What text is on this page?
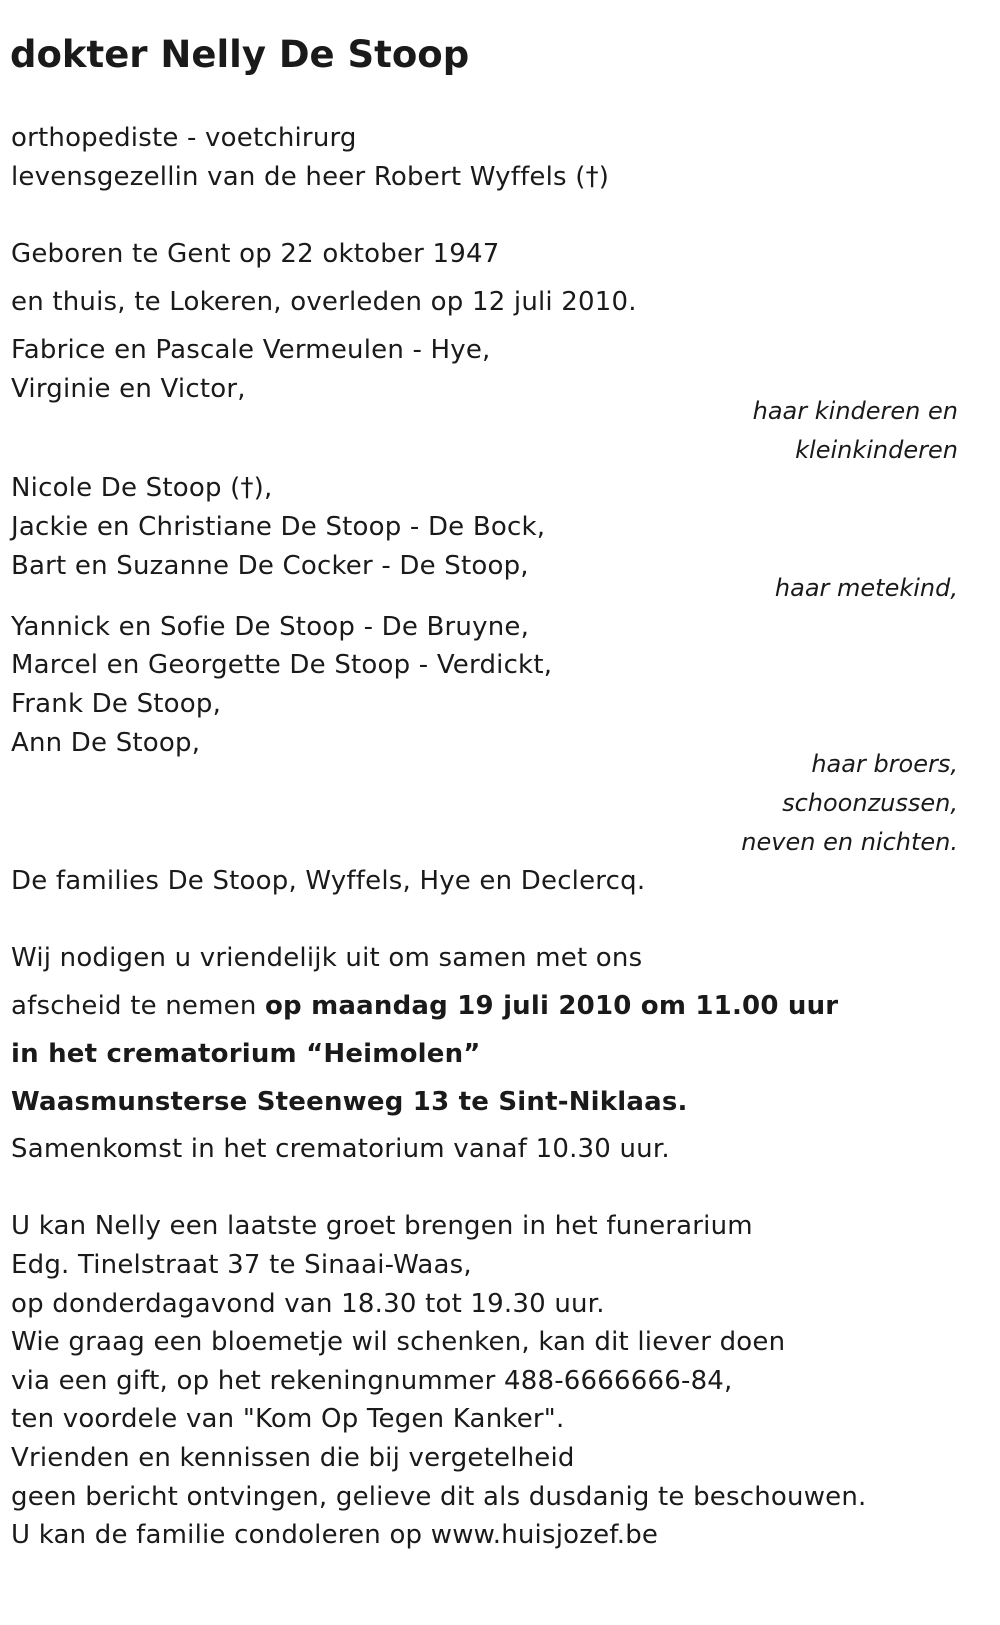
dokter Nelly De Stoop
orthopediste - voetchirurg
levensgezellin van de heer Robert Wyffels (†)
Geboren te Gent op 22 oktober 1947
en thuis, te Lokeren, overleden op 12 juli 2010.
Fabrice en Pascale Vermeulen - Hye,
Virginie en Victor,
haar kinderen en
kleinkinderen
Nicole De Stoop (†),
Jackie en Christiane De Stoop - De Bock,
Bart en Suzanne De Cocker - De Stoop,
haar metekind,
Yannick en Sofie De Stoop - De Bruyne,
Marcel en Georgette De Stoop - Verdickt,
Frank De Stoop,
Ann De Stoop,
haar broers,
schoonzussen,
neven en nichten.
De families De Stoop, Wyffels, Hye en Declercq.
Wij nodigen u vriendelijk uit om samen met ons
afscheid te nemen op maandag 19 juli 2010 om 11.00 uur
in het crematorium “Heimolen”
Waasmunsterse Steenweg 13 te Sint-Niklaas.
Samenkomst in het crematorium vanaf 10.30 uur.
U kan Nelly een laatste groet brengen in het funerarium
Edg. Tinelstraat 37 te Sinaai-Waas,
op donderdagavond van 18.30 tot 19.30 uur.
Wie graag een bloemetje wil schenken, kan dit liever doen
via een gift, op het rekeningnummer 488-6666666-84,
ten voordele van "Kom Op Tegen Kanker".
Vrienden en kennissen die bij vergetelheid
geen bericht ontvingen, gelieve dit als dusdanig te beschouwen.
U kan de familie condoleren op www.huisjozef.be
